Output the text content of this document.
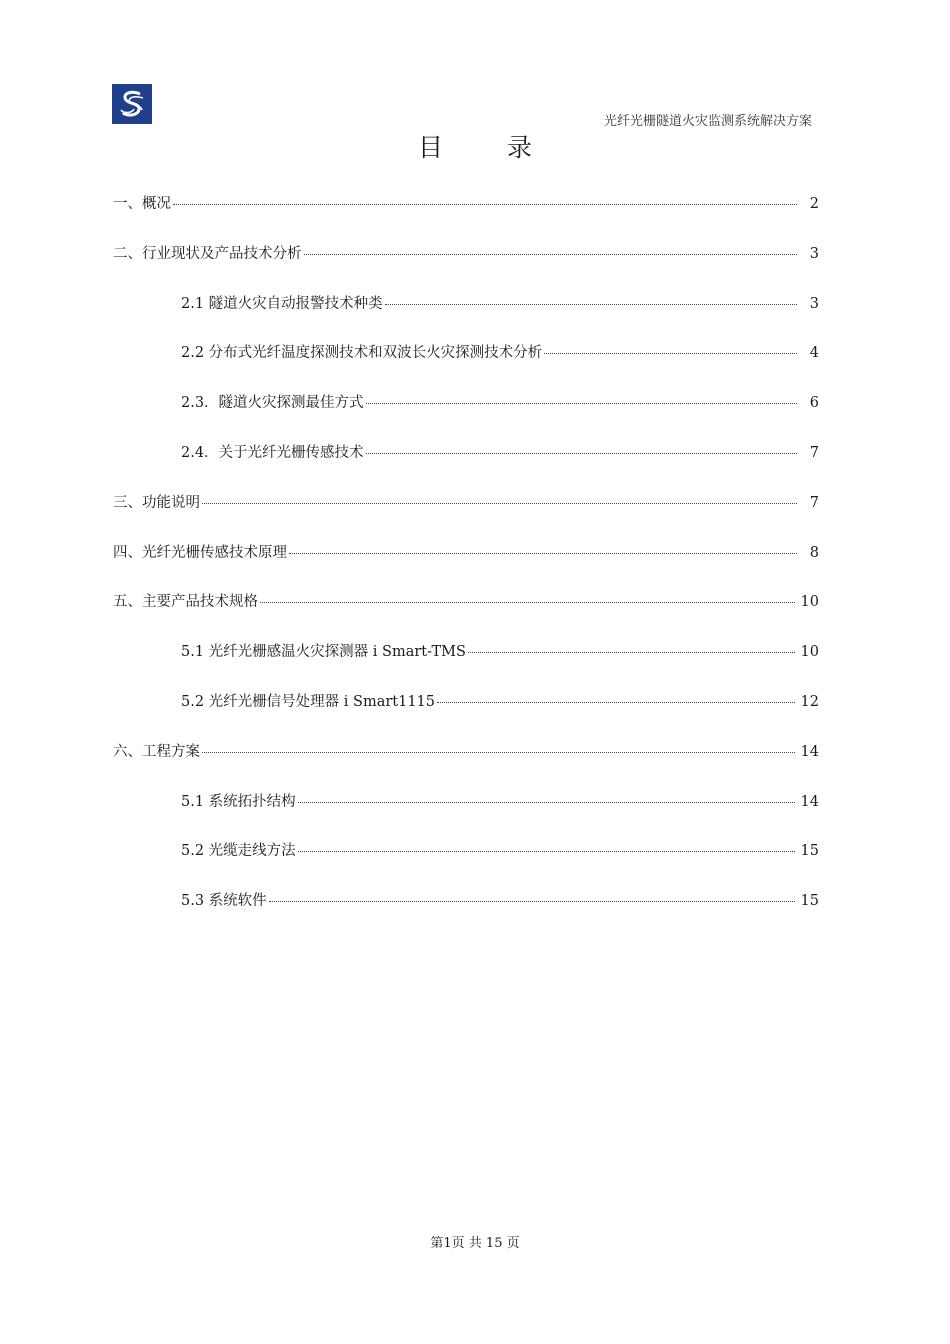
光纤光栅隧道火灾监测系统解决方案
目 录
一、概况	2
二、行业现状及产品技术分析	3
2.1 隧道火灾自动报警技术种类	3
2.2 分布式光纤温度探测技术和双波长火灾探测技术分析	4
2.3．隧道火灾探测最佳方式	6
2.4．关于光纤光栅传感技术	7
三、功能说明	7
四、光纤光栅传感技术原理	8
五、主要产品技术规格	10
5.1 光纤光栅感温火灾探测器 i Smart-TMS	10
5.2 光纤光栅信号处理器 i Smart1115	12
六、工程方案	14
5.1 系统拓扑结构	14
5.2 光缆走线方法	15
5.3 系统软件	15
第1页 共 15 页
